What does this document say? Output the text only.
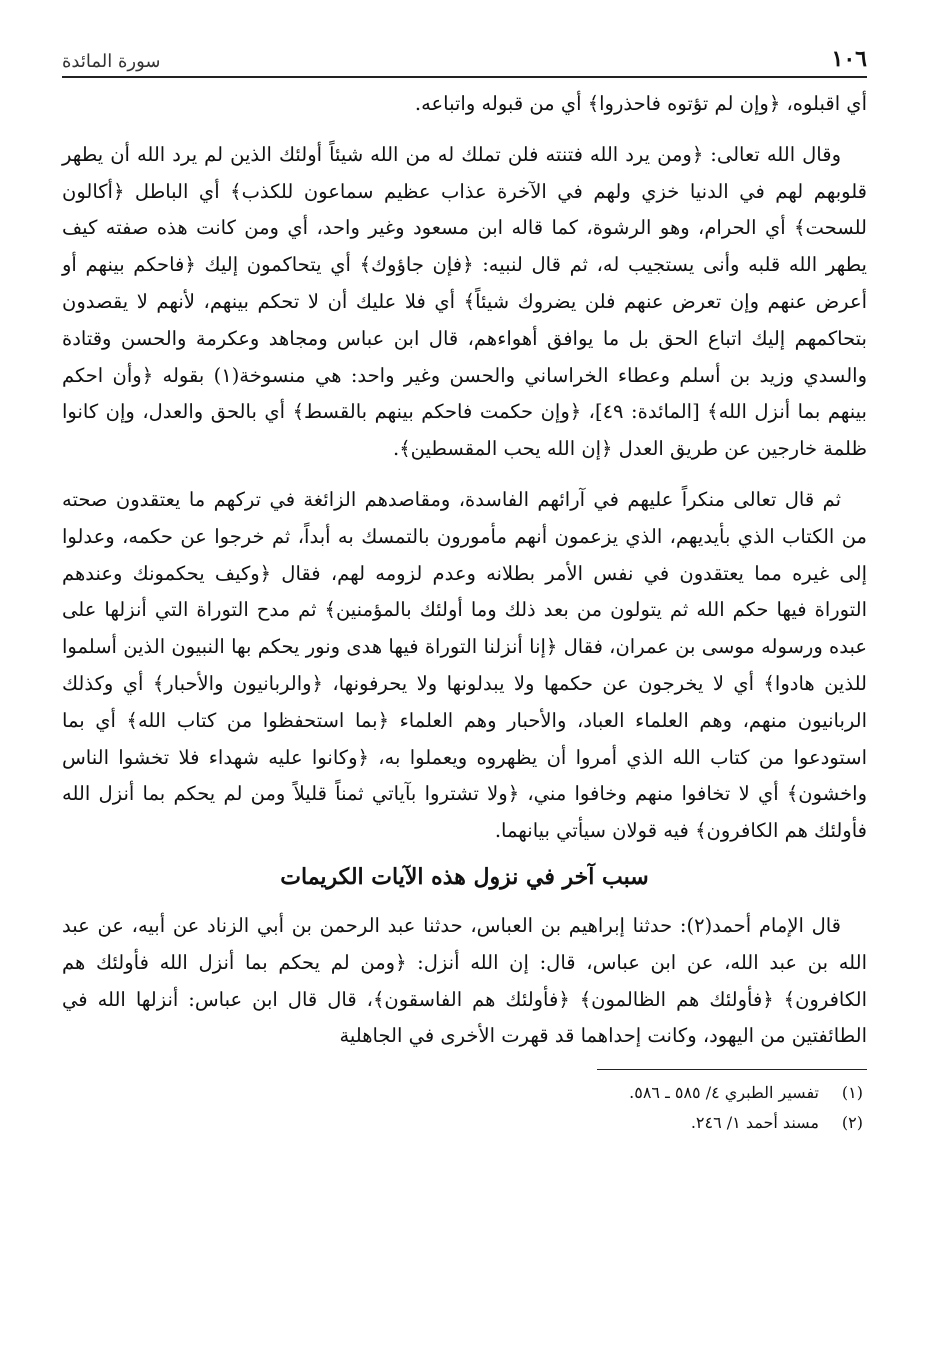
١٠٦
سورة المائدة

أي اقبلوه، ﴿وإن لم تؤتوه فاحذروا﴾ أي من قبوله واتباعه.

وقال الله تعالى: ﴿ومن يرد الله فتنته فلن تملك له من الله شيئاً أولئك الذين لم يرد الله أن يطهر قلوبهم لهم في الدنيا خزي ولهم في الآخرة عذاب عظيم سماعون للكذب﴾ أي الباطل ﴿أكالون للسحت﴾ أي الحرام، وهو الرشوة، كما قاله ابن مسعود وغير واحد، أي ومن كانت هذه صفته كيف يطهر الله قلبه وأنى يستجيب له، ثم قال لنبيه: ﴿فإن جاؤوك﴾ أي يتحاكمون إليك ﴿فاحكم بينهم أو أعرض عنهم وإن تعرض عنهم فلن يضروك شيئاً﴾ أي فلا عليك أن لا تحكم بينهم، لأنهم لا يقصدون بتحاكمهم إليك اتباع الحق بل ما يوافق أهواءهم، قال ابن عباس ومجاهد وعكرمة والحسن وقتادة والسدي وزيد بن أسلم وعطاء الخراساني والحسن وغير واحد: هي منسوخة(١) بقوله ﴿وأن احكم بينهم بما أنزل الله﴾ [المائدة: ٤٩]، ﴿وإن حكمت فاحكم بينهم بالقسط﴾ أي بالحق والعدل، وإن كانوا ظلمة خارجين عن طريق العدل ﴿إن الله يحب المقسطين﴾.

ثم قال تعالى منكراً عليهم في آرائهم الفاسدة، ومقاصدهم الزائغة في تركهم ما يعتقدون صحته من الكتاب الذي بأيديهم، الذي يزعمون أنهم مأمورون بالتمسك به أبداً، ثم خرجوا عن حكمه، وعدلوا إلى غيره مما يعتقدون في نفس الأمر بطلانه وعدم لزومه لهم، فقال ﴿وكيف يحكمونك وعندهم التوراة فيها حكم الله ثم يتولون من بعد ذلك وما أولئك بالمؤمنين﴾ ثم مدح التوراة التي أنزلها على عبده ورسوله موسى بن عمران، فقال ﴿إنا أنزلنا التوراة فيها هدى ونور يحكم بها النبيون الذين أسلموا للذين هادوا﴾ أي لا يخرجون عن حكمها ولا يبدلونها ولا يحرفونها، ﴿والربانيون والأحبار﴾ أي وكذلك الربانيون منهم، وهم العلماء العباد، والأحبار وهم العلماء ﴿بما استحفظوا من كتاب الله﴾ أي بما استودعوا من كتاب الله الذي أمروا أن يظهروه ويعملوا به، ﴿وكانوا عليه شهداء فلا تخشوا الناس واخشون﴾ أي لا تخافوا منهم وخافوا مني، ﴿ولا تشتروا بآياتي ثمناً قليلاً ومن لم يحكم بما أنزل الله فأولئك هم الكافرون﴾ فيه قولان سيأتي بيانهما.

سبب آخر في نزول هذه الآيات الكريمات

قال الإمام أحمد(٢): حدثنا إبراهيم بن العباس، حدثنا عبد الرحمن بن أبي الزناد عن أبيه، عن عبد الله بن عبد الله، عن ابن عباس، قال: إن الله أنزل: ﴿ومن لم يحكم بما أنزل الله فأولئك هم الكافرون﴾ ﴿فأولئك هم الظالمون﴾ ﴿فأولئك هم الفاسقون﴾، قال قال ابن عباس: أنزلها الله في الطائفتين من اليهود، وكانت إحداهما قد قهرت الأخرى في الجاهلية

(١)
تفسير الطبري ٤/ ٥٨٥ ـ ٥٨٦.
(٢)
مسند أحمد ١/ ٢٤٦.
